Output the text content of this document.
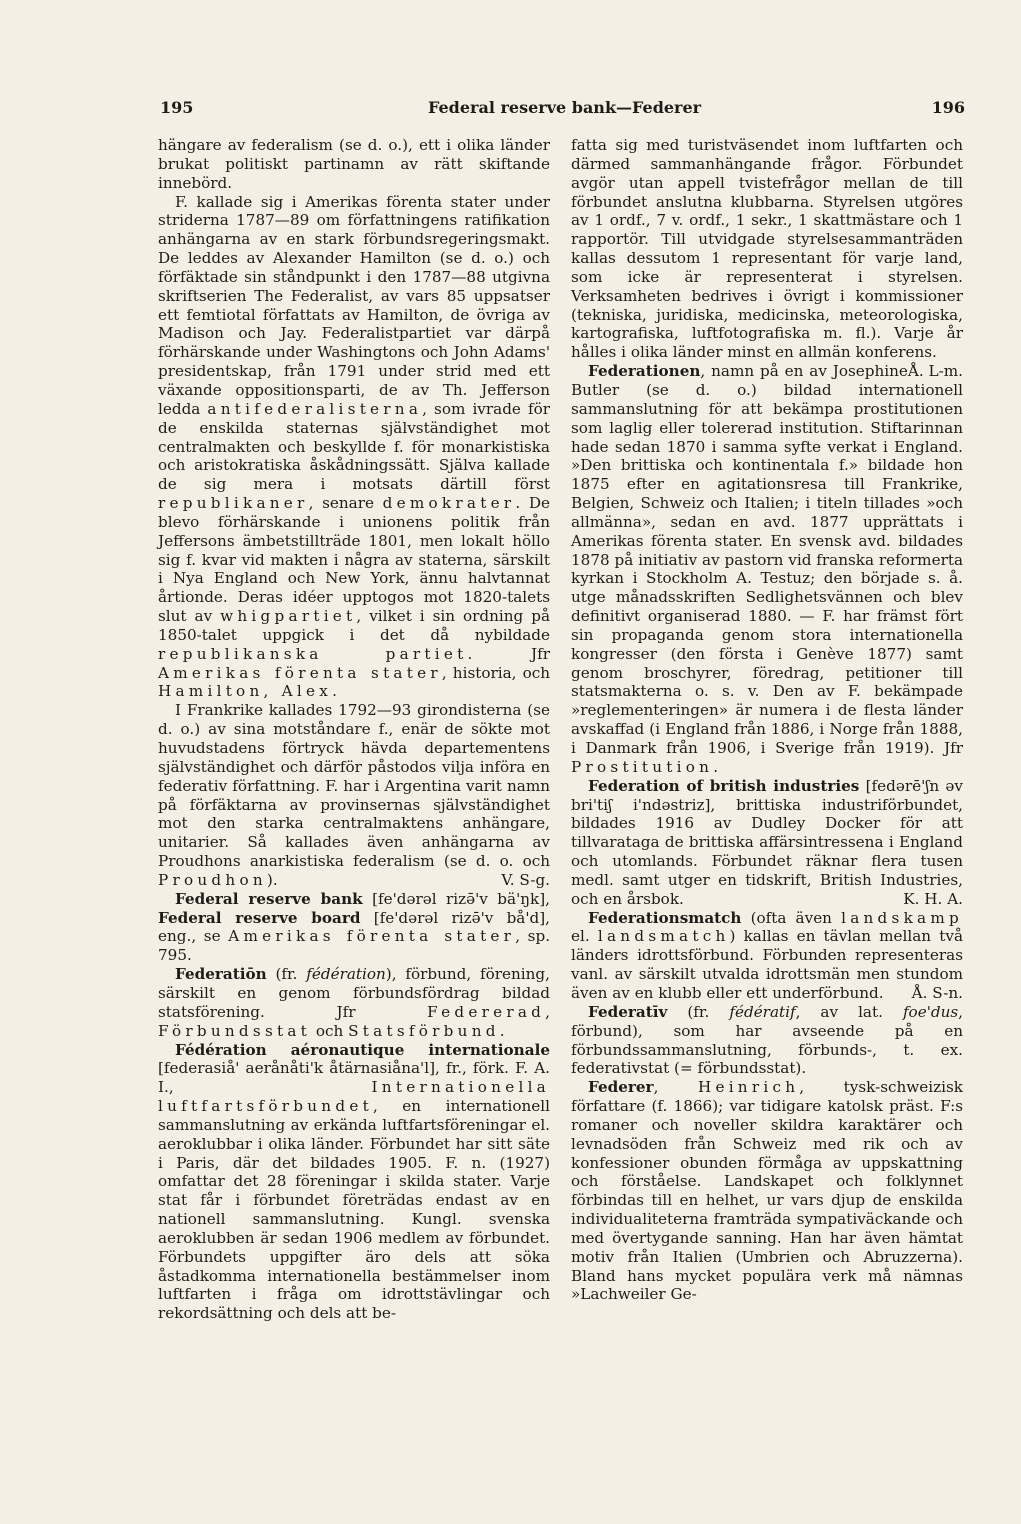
195	Federal reserve bank—Federer	196

hängare av federalism (se d. o.), ett i olika länder brukat politiskt partinamn av rätt skiftande innebörd.

F. kallade sig i Amerikas förenta stater under striderna 1787—89 om författningens ratifikation anhängarna av en stark förbundsregeringsmakt. De leddes av Alexander Hamilton (se d. o.) och förfäktade sin ståndpunkt i den 1787—88 utgivna skriftserien The Federalist, av vars 85 uppsatser ett femtiotal författats av Hamilton, de övriga av Madison och Jay. Federalistpartiet var därpå förhärskande under Washingtons och John Adams' presidentskap, från 1791 under strid med ett växande oppositionsparti, de av Th. Jefferson ledda antifederalisterna, som ivrade för de enskilda staternas självständighet mot centralmakten och beskyllde f. för monarkistiska och aristokratiska åskådningssätt. Själva kallade de sig mera i motsats därtill först republikaner, senare demokrater. De blevo förhärskande i unionens politik från Jeffersons ämbetstillträde 1801, men lokalt höllo sig f. kvar vid makten i några av staterna, särskilt i Nya England och New York, ännu halvtannat årtionde. Deras idéer upptogos mot 1820-talets slut av whigpartiet, vilket i sin ordning på 1850-talet uppgick i det då nybildade republikanska partiet. Jfr Amerikas förenta stater, historia, och Hamilton, Alex.

I Frankrike kallades 1792—93 girondisterna (se d. o.) av sina motståndare f., enär de sökte mot huvudstadens förtryck hävda departementens självständighet och därför påstodos vilja införa en federativ författning. F. har i Argentina varit namn på förfäktarna av provinsernas självständighet mot den starka centralmaktens anhängare, unitarier. Så kallades även anhängarna av Proudhons anarkistiska federalism (se d. o. och Proudhon).	V. S-g.

Federal reserve bank [fe'dərəl rizə̄'v bä'ŋk], Federal reserve board [fe'dərəl rizə̄'v bå'd], eng., se Amerikas förenta stater, sp. 795.

Federatiōn (fr. fédération), förbund, förening, särskilt en genom förbundsfördrag bildad statsförening. Jfr	Federerad, Förbundsstat och Statsförbund.

Fédération aéronautique internationale [federasiå' aerånåti'k åtärnasiåna'l], fr., förk. F. A. I.,	Internationella luftfartsförbundet, en internationell sammanslutning av erkända luftfartsföreningar el. aeroklubbar i olika länder. Förbundet har sitt säte i Paris, där det bildades 1905. F. n. (1927) omfattar det 28 föreningar i skilda stater. Varje stat får i förbundet företrädas endast av en nationell sammanslutning. Kungl. svenska aeroklubben är sedan 1906 medlem av förbundet. Förbundets uppgifter äro dels att söka åstadkomma internationella bestämmelser inom luftfarten i fråga om idrottstävlingar och rekordsättning och dels att be-

fatta sig med turistväsendet inom luftfarten och därmed sammanhängande frågor. Förbundet avgör utan appell tvistefrågor mellan de till förbundet anslutna klubbarna. Styrelsen utgöres av 1 ordf., 7 v. ordf., 1 sekr., 1 skattmästare och 1 rapportör. Till utvidgade styrelsesammanträden kallas dessutom 1 representant för varje land, som icke är representerat i styrelsen. Verksamheten bedrives i övrigt i kommissioner (tekniska, juridiska, medicinska, meteorologiska, kartografiska, luftfotografiska m. fl.). Varje år hålles i olika länder minst en allmän konferens.
Å. L-m.

Federationen, namn på en av Josephine Butler (se d. o.) bildad internationell sammanslutning för att bekämpa prostitutionen som laglig eller tolererad institution. Stiftarinnan hade sedan 1870 i samma syfte verkat i England. »Den brittiska och kontinentala f.» bildade hon 1875 efter en agitationsresa till Frankrike, Belgien, Schweiz och Italien; i titeln tillades »och allmänna», sedan en avd. 1877 upprättats i Amerikas förenta stater. En svensk avd. bildades 1878 på initiativ av pastorn vid franska reformerta kyrkan i Stockholm A. Testuz; den började s. å. utge månadsskriften Sedlighetsvännen och blev definitivt organiserad 1880. — F. har främst fört sin propaganda genom stora internationella kongresser (den första i Genève 1877) samt genom broschyrer, föredrag, petitioner till statsmakterna o. s. v. Den av F. bekämpade »reglementeringen» är numera i de flesta länder avskaffad (i England från 1886, i Norge från 1888, i Danmark från 1906, i Sverige från 1919). Jfr Prostitution.

Federation of british industries [fedərē'ʃn əv bri'tiʃ i'ndəstriz], brittiska industriförbundet, bildades 1916 av Dudley Docker för att tillvarataga de brittiska affärsintressena i England och utomlands. Förbundet räknar flera tusen medl. samt utger en tidskrift, British Industries, och en årsbok.	K. H. A.

Federationsmatch (ofta även landskamp el. landsmatch) kallas en tävlan mellan två länders idrottsförbund. Förbunden representeras vanl. av särskilt utvalda idrottsmän men stundom även av en klubb eller ett underförbund.	Å. S-n.

Federatīv (fr. fédératif, av lat. foe'dus, förbund), som har avseende på en förbundssammanslutning, förbunds-, t. ex. federativstat (= förbundsstat).

Federer,	Heinrich, tysk-schweizisk författare (f. 1866); var tidigare katolsk präst. F:s romaner och noveller skildra karaktärer och levnadsöden från Schweiz med rik och av konfessioner obunden förmåga av uppskattning och förståelse. Landskapet och folklynnet förbindas till en helhet, ur vars djup de enskilda individualiteterna framträda sympativäckande och med övertygande sanning. Han har även hämtat motiv från Italien (Umbrien och Abruzzerna). Bland hans mycket populära verk må nämnas »Lachweiler Ge-
